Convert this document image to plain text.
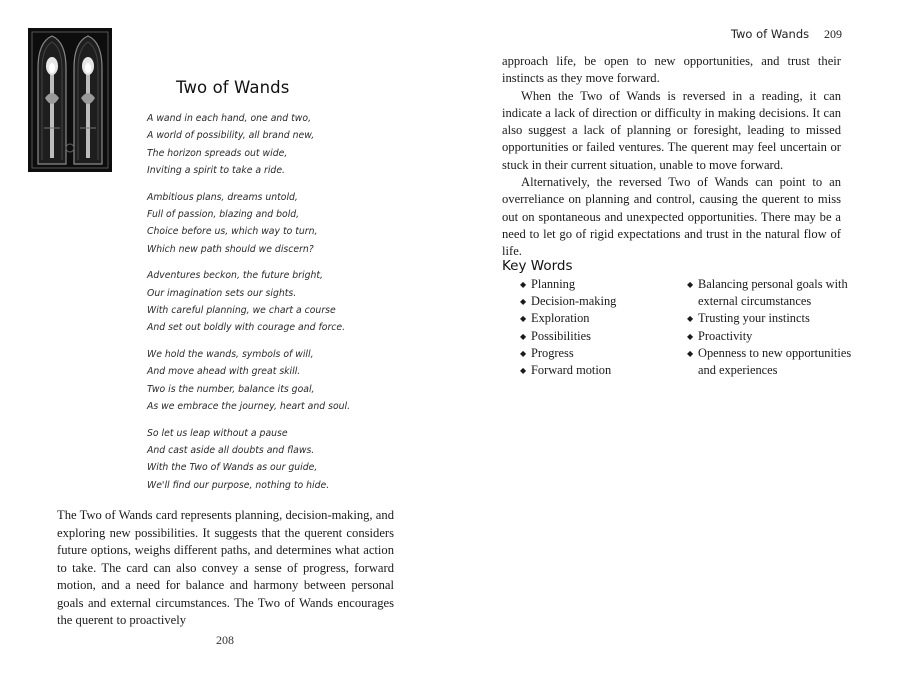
Two of Wands
A wand in each hand, one and two,
A world of possibility, all brand new,
The horizon spreads out wide,
Inviting a spirit to take a ride.
Ambitious plans, dreams untold,
Full of passion, blazing and bold,
Choice before us, which way to turn,
Which new path should we discern?
Adventures beckon, the future bright,
Our imagination sets our sights.
With careful planning, we chart a course
And set out boldly with courage and force.
We hold the wands, symbols of will,
And move ahead with great skill.
Two is the number, balance its goal,
As we embrace the journey, heart and soul.
So let us leap without a pause
And cast aside all doubts and flaws.
With the Two of Wands as our guide,
We'll find our purpose, nothing to hide.

The Two of Wands card represents planning, decision-making, and exploring new possibilities. It suggests that the querent considers future options, weighs different paths, and determines what action to take. The card can also convey a sense of progress, forward motion, and a need for balance and harmony between personal goals and external circumstances. The Two of Wands encourages the querent to proactively

208
Two of Wands 209

approach life, be open to new opportunities, and trust their instincts as they move forward.

When the Two of Wands is reversed in a reading, it can indicate a lack of direction or difficulty in making decisions. It can also suggest a lack of planning or foresight, leading to missed opportunities or failed ventures. The querent may feel uncertain or stuck in their current situation, unable to move forward.

Alternatively, the reversed Two of Wands can point to an overreliance on planning and control, causing the querent to miss out on spontaneous and unexpected opportunities. There may be a need to let go of rigid expectations and trust in the natural flow of life.

Key Words
◆ Planning
◆ Decision-making
◆ Exploration
◆ Possibilities
◆ Progress
◆ Forward motion
◆ Balancing personal goals with external circumstances
◆ Trusting your instincts
◆ Proactivity
◆ Openness to new opportunities and experiences
